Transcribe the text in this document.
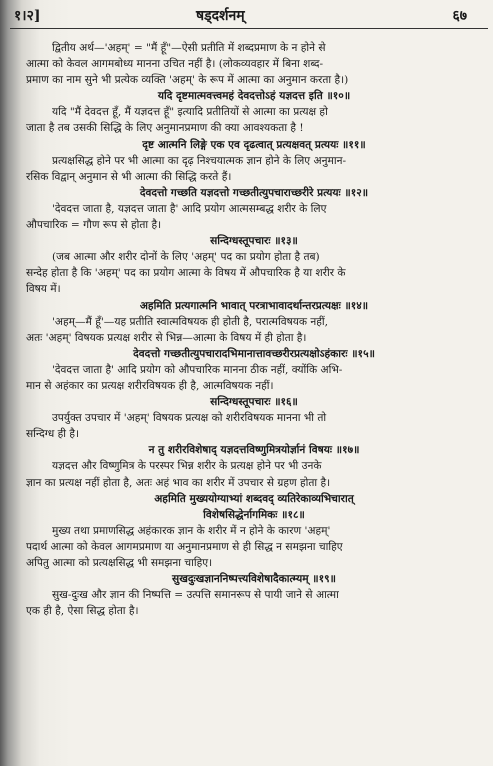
१।२]	षड्दर्शनम्	६७
द्वितीय अर्थ—'अहम्' = "मैं हूँ"—ऐसी प्रतीति में शब्दप्रमाण के न होने से
आत्मा को केवल आगमबोध्य मानना उचित नहीं है। (लोकव्यवहार में बिना शब्द-
प्रमाण का नाम सुने भी प्रत्येक व्यक्ति 'अहम्' के रूप में आत्मा का अनुमान करता है।)
यदि दृष्टमात्मवत्त्वमहं देवदत्तोऽहं यज्ञदत्त इति ॥१०॥
यदि "मैं देवदत्त हूँ, मैं यज्ञदत्त हूँ" इत्यादि प्रतीतियों से आत्मा का प्रत्यक्ष हो
जाता है तब उसकी सिद्धि के लिए अनुमानप्रमाण की क्या आवश्यकता है !
दृष्ट आत्मनि लिङ्गे एक एव दृढत्वात् प्रत्यक्षवत् प्रत्ययः ॥११॥
प्रत्यक्षसिद्ध होने पर भी आत्मा का दृढ़ निश्चयात्मक ज्ञान होने के लिए अनुमान-
रसिक विद्वान् अनुमान से भी आत्मा की सिद्धि करते हैं।
देवदत्तो गच्छति यज्ञदत्तो गच्छतीत्युपचाराच्छरीरे प्रत्ययः ॥१२॥
'देवदत्त जाता है, यज्ञदत्त जाता है' आदि प्रयोग आत्मसम्बद्ध शरीर के लिए
औपचारिक = गौण रूप से होता है।
सन्दिग्धस्तूपचारः ॥१३॥
(जब आत्मा और शरीर दोनों के लिए 'अहम्' पद का प्रयोग होता है तब)
सन्देह होता है कि 'अहम्' पद का प्रयोग आत्मा के विषय में औपचारिक है या शरीर के
विषय में।
अहमिति प्रत्यगात्मनि भावात् परत्राभावादर्थान्तरप्रत्यक्षः ॥१४॥
'अहम्—मैं हूँ'—यह प्रतीति स्वात्मविषयक ही होती है, परात्मविषयक नहीं,
अतः 'अहम्' विषयक प्रत्यक्ष शरीर से भिन्न—आत्मा के विषय में ही होता है।
देवदत्तो गच्छतीत्युपचारादभिमानात्तावच्छरीरप्रत्यक्षोऽहंकारः ॥१५॥
'देवदत्त जाता है' आदि प्रयोग को औपचारिक मानना ठीक नहीं, क्योंकि अभि-
मान से अहंकार का प्रत्यक्ष शरीरविषयक ही है, आत्मविषयक नहीं।
सन्दिग्धस्तूपचारः ॥१६॥
उपर्युक्त उपचार में 'अहम्' विषयक प्रत्यक्ष को शरीरविषयक मानना भी तो
सन्दिग्ध ही है।
न तु शरीरविशेषाद् यज्ञदत्तविष्णुमित्रयोर्ज्ञानं विषयः ॥१७॥
यज्ञदत्त और विष्णुमित्र के परस्पर भिन्न शरीर के प्रत्यक्ष होने पर भी उनके
ज्ञान का प्रत्यक्ष नहीं होता है, अतः अहं भाव का शरीर में उपचार से ग्रहण होता है।
अहमिति मुख्ययोग्याभ्यां शब्दवद् व्यतिरेकाव्यभिचारात्
विशेषसिद्धेर्नागमिकः ॥१८॥
मुख्य तथा प्रमाणसिद्ध अहंकारक ज्ञान के शरीर में न होने के कारण 'अहम्'
पदार्थ आत्मा को केवल आगमप्रमाण या अनुमानप्रमाण से ही सिद्ध न समझना चाहिए
अपितु आत्मा को प्रत्यक्षसिद्ध भी समझना चाहिए।
सुखदुःखज्ञाननिष्पत्त्यविशेषादैकात्म्यम् ॥१९॥
सुख-दुःख और ज्ञान की निष्पत्ति = उत्पत्ति समानरूप से पायी जाने से आत्मा
एक ही है, ऐसा सिद्ध होता है।
